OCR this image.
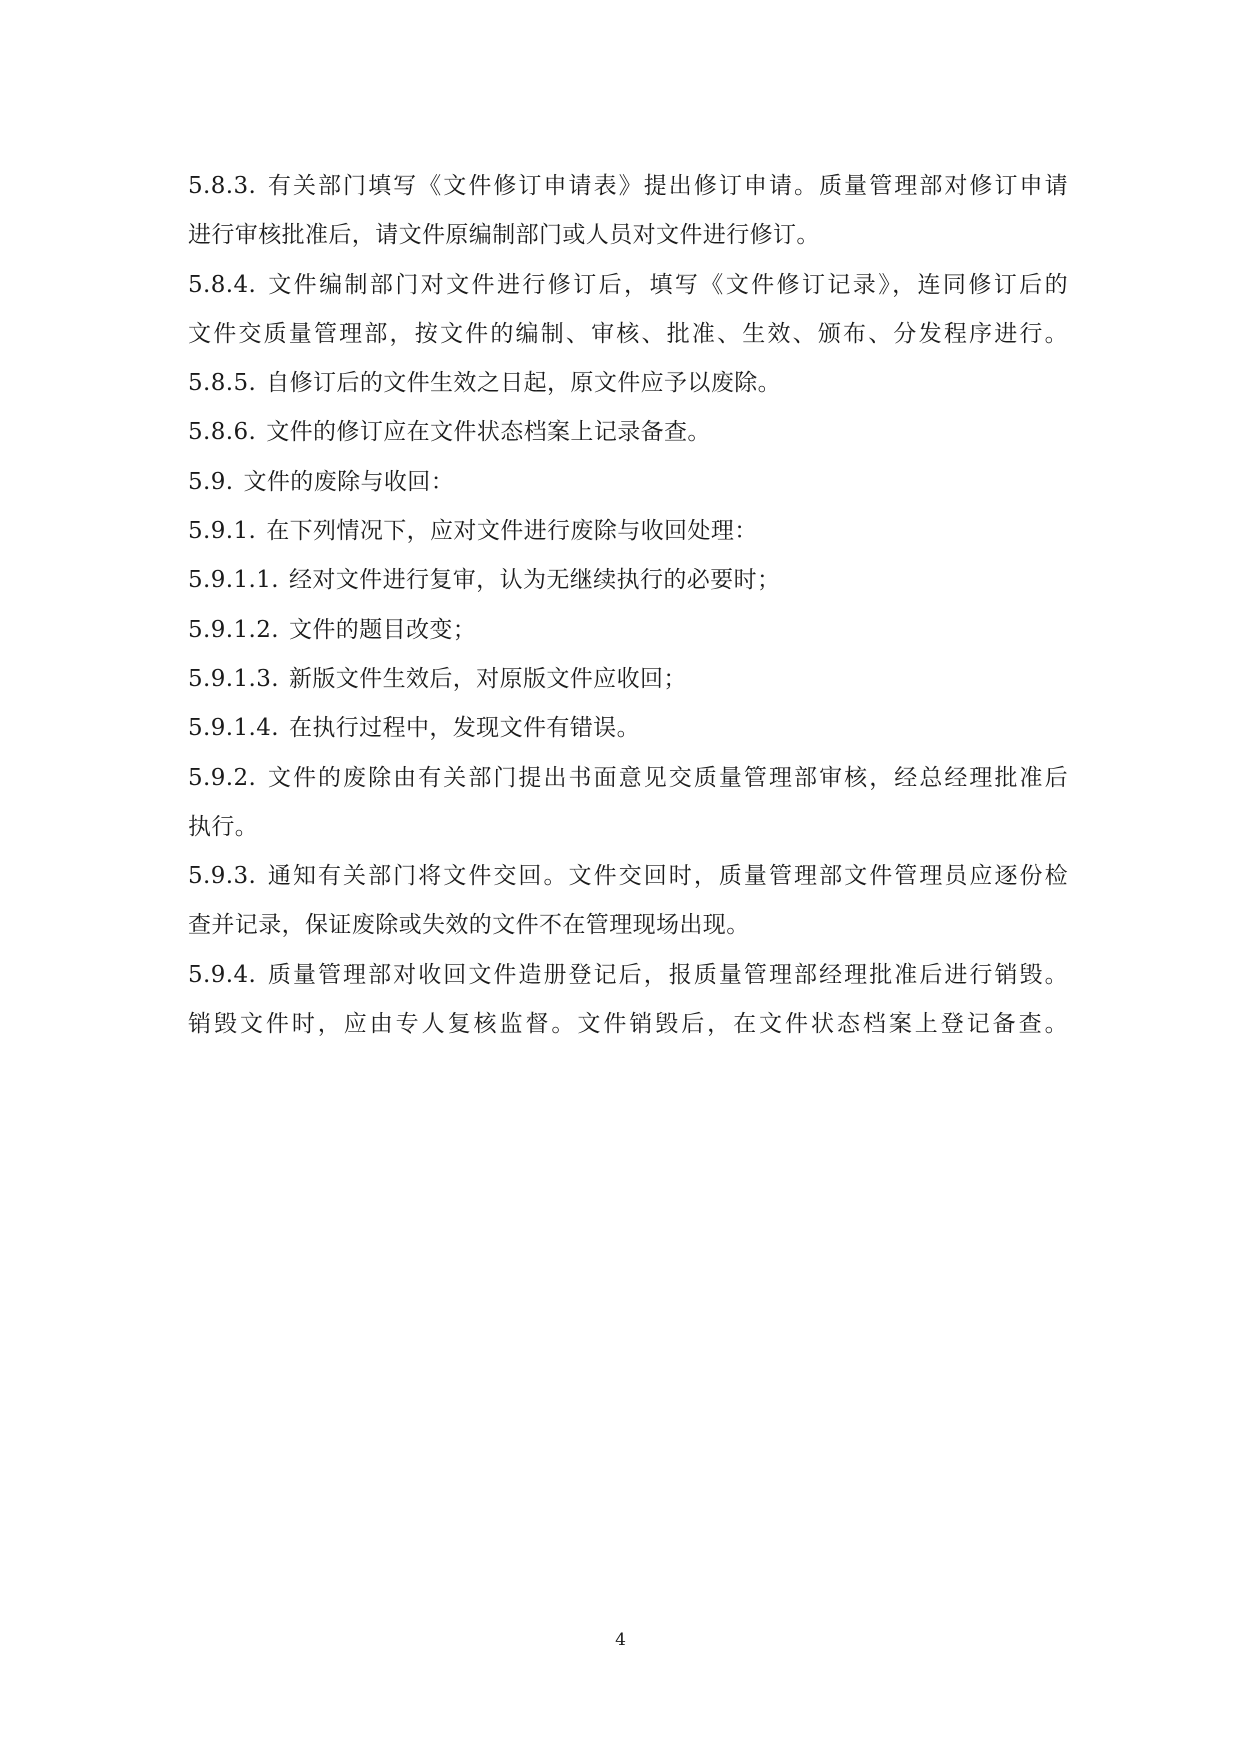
5.8.3. 有关部门填写《文件修订申请表》提出修订申请。质量管理部对修订申请
进行审核批准后，请文件原编制部门或人员对文件进行修订。
5.8.4. 文件编制部门对文件进行修订后，填写《文件修订记录》，连同修订后的
文件交质量管理部，按文件的编制、审核、批准、生效、颁布、分发程序进行。
5.8.5. 自修订后的文件生效之日起，原文件应予以废除。
5.8.6. 文件的修订应在文件状态档案上记录备查。
5.9. 文件的废除与收回：
5.9.1. 在下列情况下，应对文件进行废除与收回处理：
5.9.1.1. 经对文件进行复审，认为无继续执行的必要时；
5.9.1.2. 文件的题目改变；
5.9.1.3. 新版文件生效后，对原版文件应收回；
5.9.1.4. 在执行过程中，发现文件有错误。
5.9.2. 文件的废除由有关部门提出书面意见交质量管理部审核，经总经理批准后
执行。
5.9.3. 通知有关部门将文件交回。文件交回时，质量管理部文件管理员应逐份检
查并记录，保证废除或失效的文件不在管理现场出现。
5.9.4. 质量管理部对收回文件造册登记后，报质量管理部经理批准后进行销毁。
销毁文件时，应由专人复核监督。文件销毁后，在文件状态档案上登记备查。
4
